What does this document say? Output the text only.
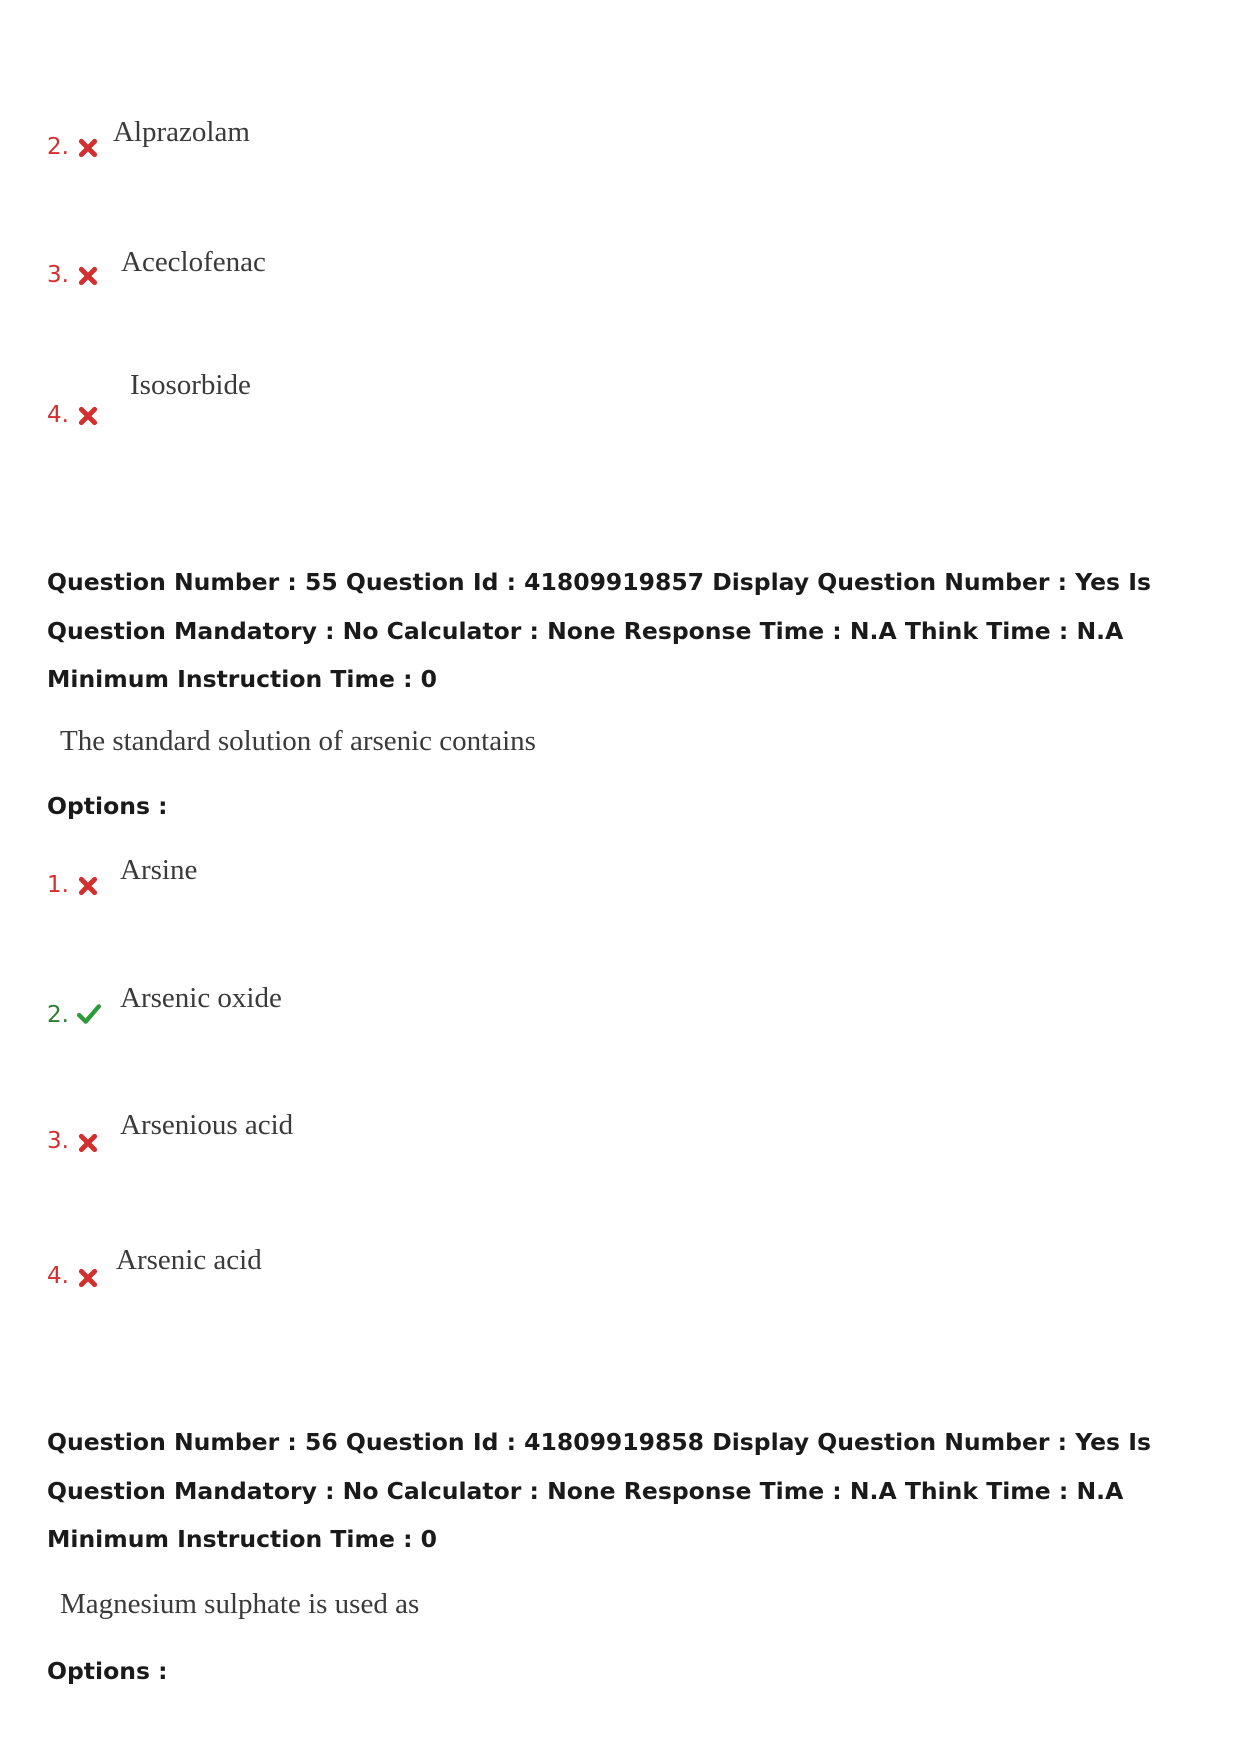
2. Alprazolam
3. Aceclofenac
4.
Isosorbide

Question Number : 55 Question Id : 41809919857 Display Question Number : Yes Is Question Mandatory : No Calculator : None Response Time : N.A Think Time : N.A Minimum Instruction Time : 0

The standard solution of arsenic contains
Options :
1. Arsine
2.
Arsenic oxide
3. Arsenious acid
4. Arsenic acid

Question Number : 56 Question Id : 41809919858 Display Question Number : Yes Is Question Mandatory : No Calculator : None Response Time : N.A Think Time : N.A Minimum Instruction Time : 0

Magnesium sulphate is used as
Options :
